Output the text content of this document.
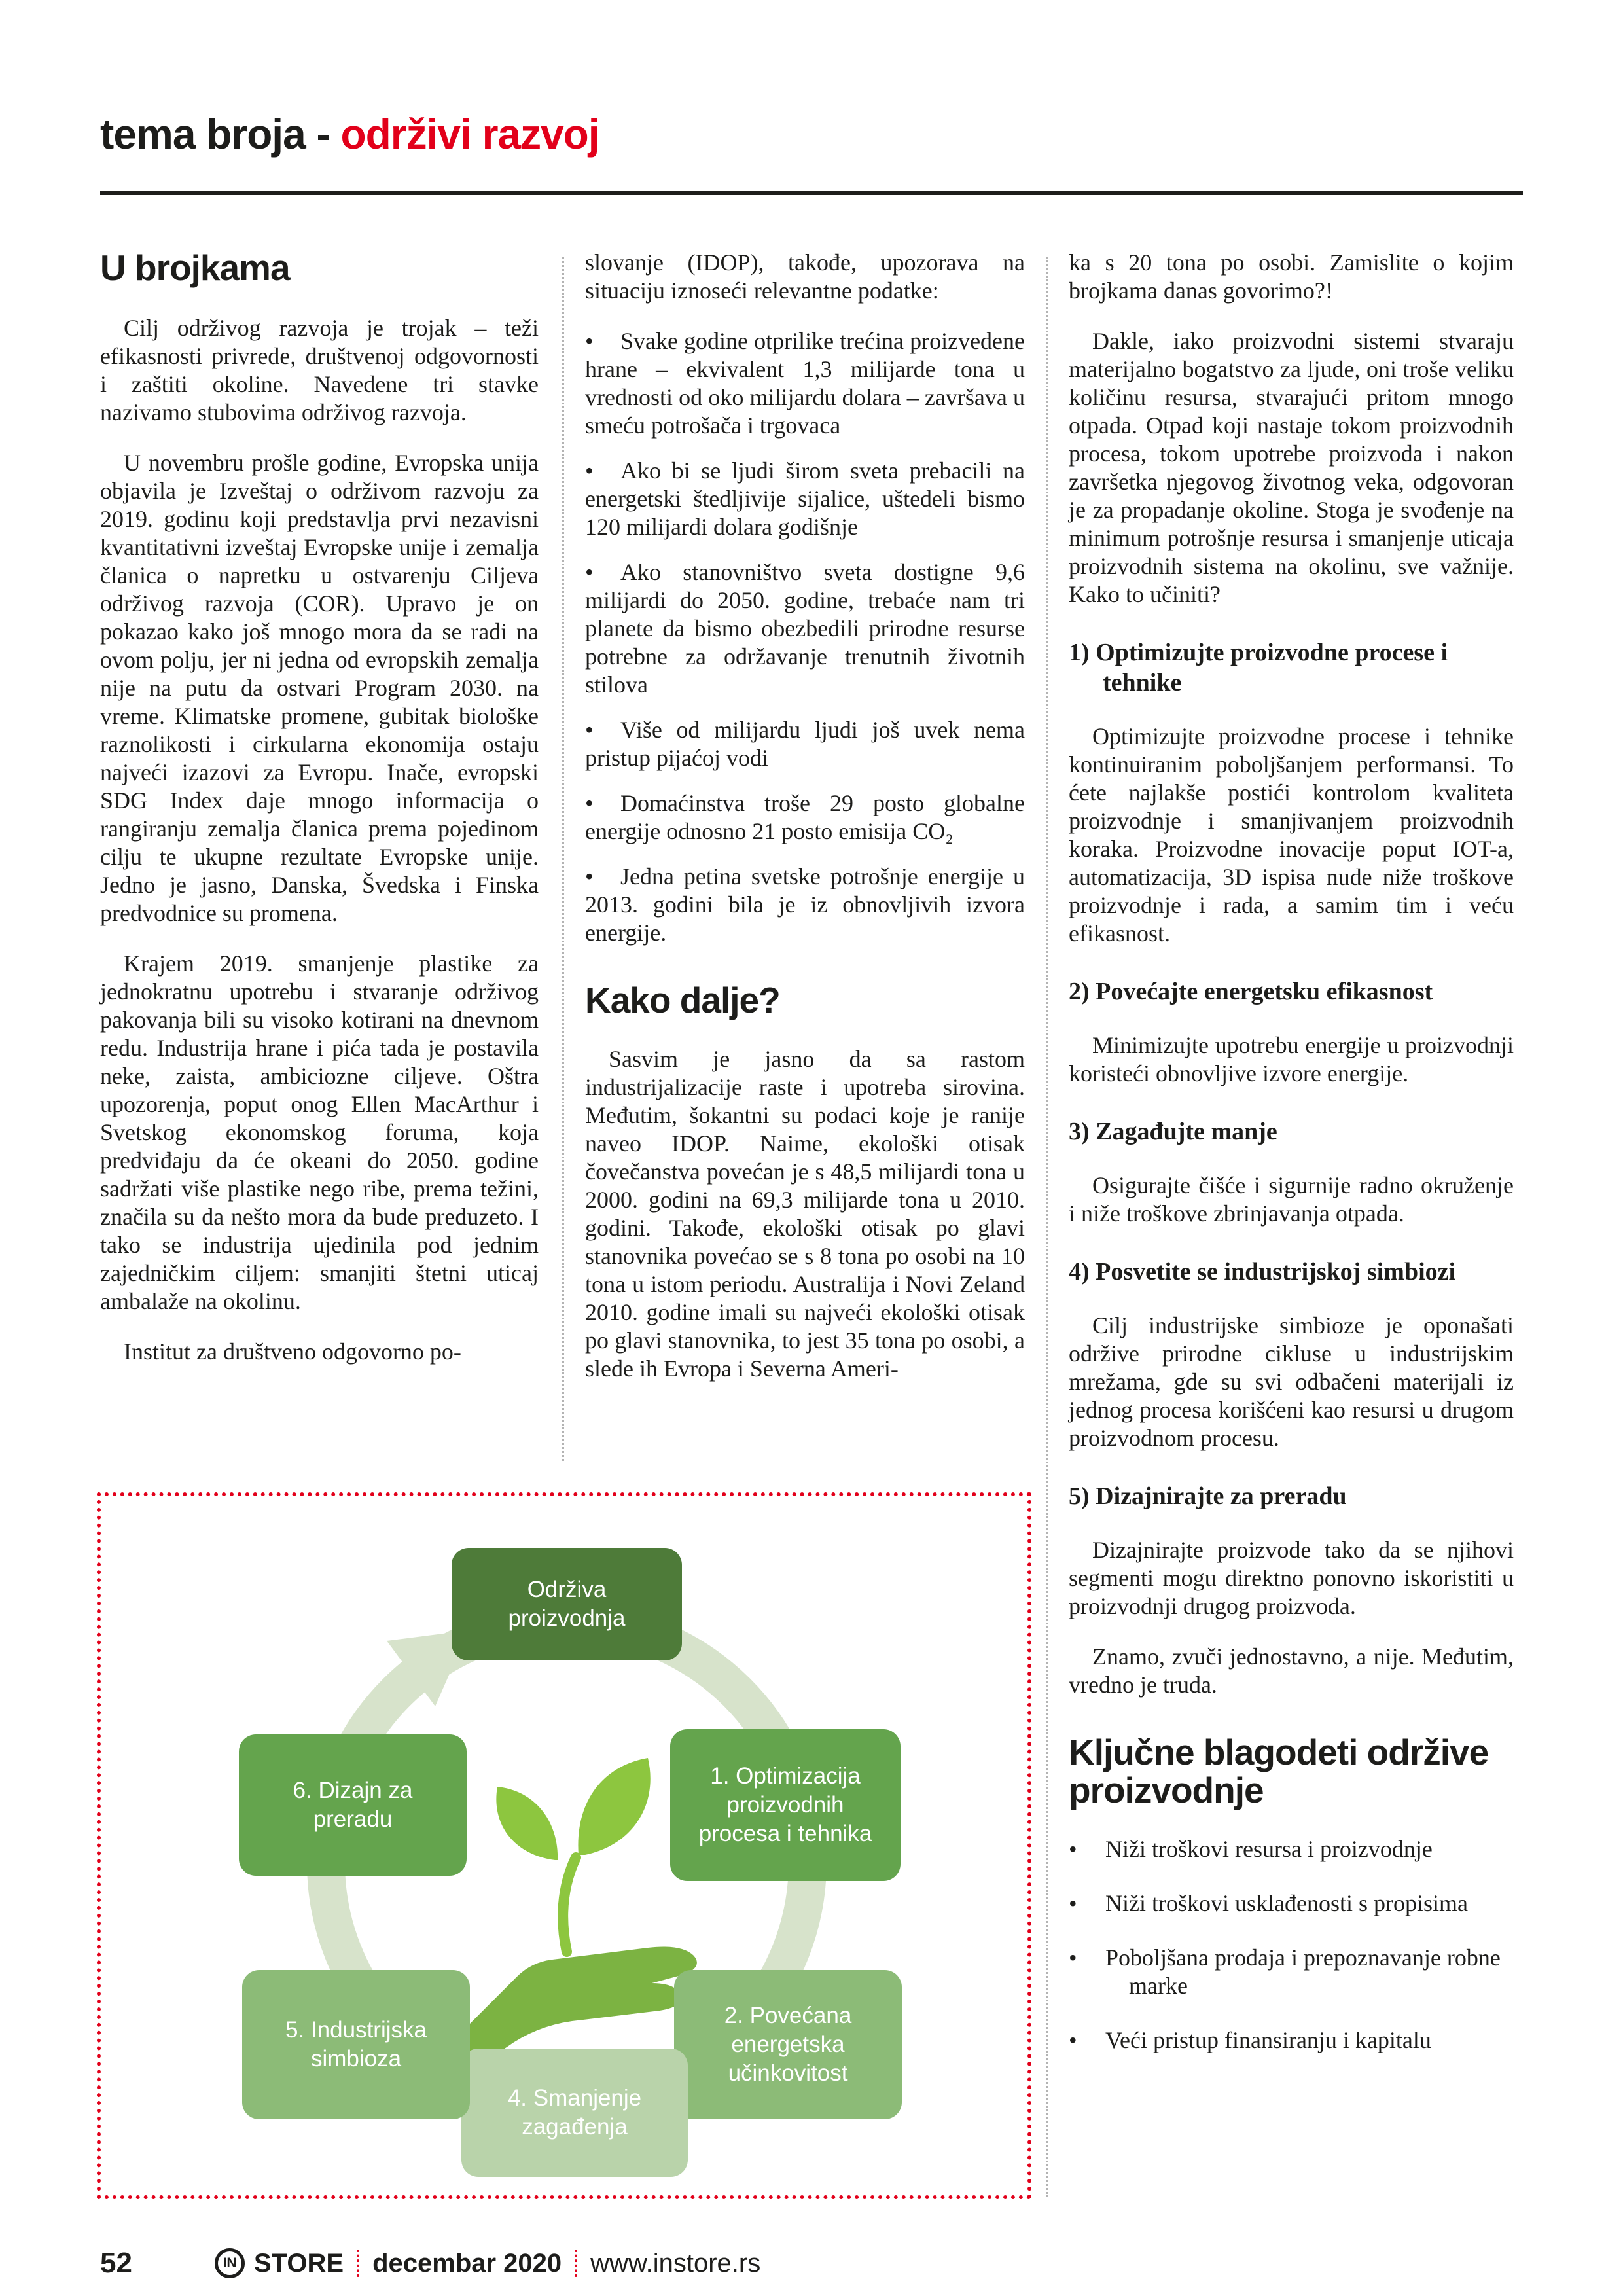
tema broja - održivi razvoj
U brojkama

Cilj održivog razvoja je trojak – teži efikasnosti privrede, društvenoj odgovornosti i zaštiti okoline. Navedene tri stavke nazivamo stubovima održivog razvoja.

U novembru prošle godine, Evropska unija objavila je Izveštaj o održivom razvoju za 2019. godinu koji predstavlja prvi nezavisni kvantitativni izveštaj Evropske unije i zemalja članica o napretku u ostvarenju Ciljeva održivog razvoja (COR). Upravo je on pokazao kako još mnogo mora da se radi na ovom polju, jer ni jedna od evropskih zemalja nije na putu da ostvari Program 2030. na vreme. Klimatske promene, gubitak biološke raznolikosti i cirkularna ekonomija ostaju najveći izazovi za Evropu. Inače, evropski SDG Index daje mnogo informacija o rangiranju zemalja članica prema pojedinom cilju te ukupne rezultate Evropske unije. Jedno je jasno, Danska, Švedska i Finska predvodnice su promena.

Krajem 2019. smanjenje plastike za jednokratnu upotrebu i stvaranje održivog pakovanja bili su visoko kotirani na dnevnom redu. Industrija hrane i pića tada je postavila neke, zaista, ambiciozne ciljeve. Oštra upozorenja, poput onog Ellen MacArthur i Svetskog ekonomskog foruma, koja predviđaju da će okeani do 2050. godine sadržati više plastike nego ribe, prema težini, značila su da nešto mora da bude preduzeto. I tako se industrija ujedinila pod jednim zajedničkim ciljem: smanjiti štetni uticaj ambalaže na okolinu.

Institut za društveno odgovorno po-

slovanje (IDOP), takođe, upozorava na situaciju iznoseći relevantne podatke:

• Svake godine otprilike trećina proizvedene hrane – ekvivalent 1,3 milijarde tona u vrednosti od oko milijardu dolara – završava u smeću potrošača i trgovaca

• Ako bi se ljudi širom sveta prebacili na energetski štedljivije sijalice, uštedeli bismo 120 milijardi dolara godišnje

• Ako stanovništvo sveta dostigne 9,6 milijardi do 2050. godine, trebaće nam tri planete da bismo obezbedili prirodne resurse potrebne za održavanje trenutnih životnih stilova

• Više od milijardu ljudi još uvek nema pristup pijaćoj vodi

• Domaćinstva troše 29 posto globalne energije odnosno 21 posto emisija CO₂

• Jedna petina svetske potrošnje energije u 2013. godini bila je iz obnovljivih izvora energije.

Kako dalje?

Sasvim je jasno da sa rastom industrijalizacije raste i upotreba sirovina. Međutim, šokantni su podaci koje je ranije naveo IDOP. Naime, ekološki otisak čovečanstva povećan je s 48,5 milijardi tona u 2000. godini na 69,3 milijarde tona u 2010. godini. Takođe, ekološki otisak po glavi stanovnika povećao se s 8 tona po osobi na 10 tona u istom periodu. Australija i Novi Zeland 2010. godine imali su najveći ekološki otisak po glavi stanovnika, to jest 35 tona po osobi, a slede ih Evropa i Severna Ameri-

ka s 20 tona po osobi. Zamislite o kojim brojkama danas govorimo?!

Dakle, iako proizvodni sistemi stvaraju materijalno bogatstvo za ljude, oni troše veliku količinu resursa, stvarajući pritom mnogo otpada. Otpad koji nastaje tokom proizvodnih procesa, tokom upotrebe proizvoda i nakon završetka njegovog životnog veka, odgovoran je za propadanje okoline. Stoga je svođenje na minimum potrošnje resursa i smanjenje uticaja proizvodnih sistema na okolinu, sve važnije. Kako to učiniti?

1) Optimizujte proizvodne procese i tehnike

Optimizujte proizvodne procese i tehnike kontinuiranim poboljšanjem performansi. To ćete najlakše postići kontrolom kvaliteta proizvodnje i smanjivanjem proizvodnih koraka. Proizvodne inovacije poput IOT-a, automatizacija, 3D ispisa nude niže troškove proizvodnje i rada, a samim tim i veću efikasnost.

2) Povećajte energetsku efikasnost

Minimizujte upotrebu energije u proizvodnji koristeći obnovljive izvore energije.

3) Zagađujte manje

Osigurajte čišće i sigurnije radno okruženje i niže troškove zbrinjavanja otpada.

4) Posvetite se industrijskoj simbiozi

Cilj industrijske simbioze je oponašati održive prirodne cikluse u industrijskim mrežama, gde su svi odbačeni materijali iz jednog procesa korišćeni kao resursi u drugom proizvodnom procesu.

5) Dizajnirajte za preradu

Dizajnirajte proizvode tako da se njihovi segmenti mogu direktno ponovno iskoristiti u proizvodnji drugog proizvoda.

Znamo, zvuči jednostavno, a nije. Međutim, vredno je truda.

Ključne blagodeti održive proizvodnje

• Niži troškovi resursa i proizvodnje

• Niži troškovi usklađenosti s propisima

• Poboljšana prodaja i prepoznavanje robne marke

• Veći pristup finansiranju i kapitalu

Održiva proizvodnja
1. Optimizacija proizvodnih procesa i tehnika
2. Povećana energetska učinkovitost
4. Smanjenje zagađenja
5. Industrijska simbioza
6. Dizajn za preradu
52	IN STORE decembar 2020 www.instore.rs
